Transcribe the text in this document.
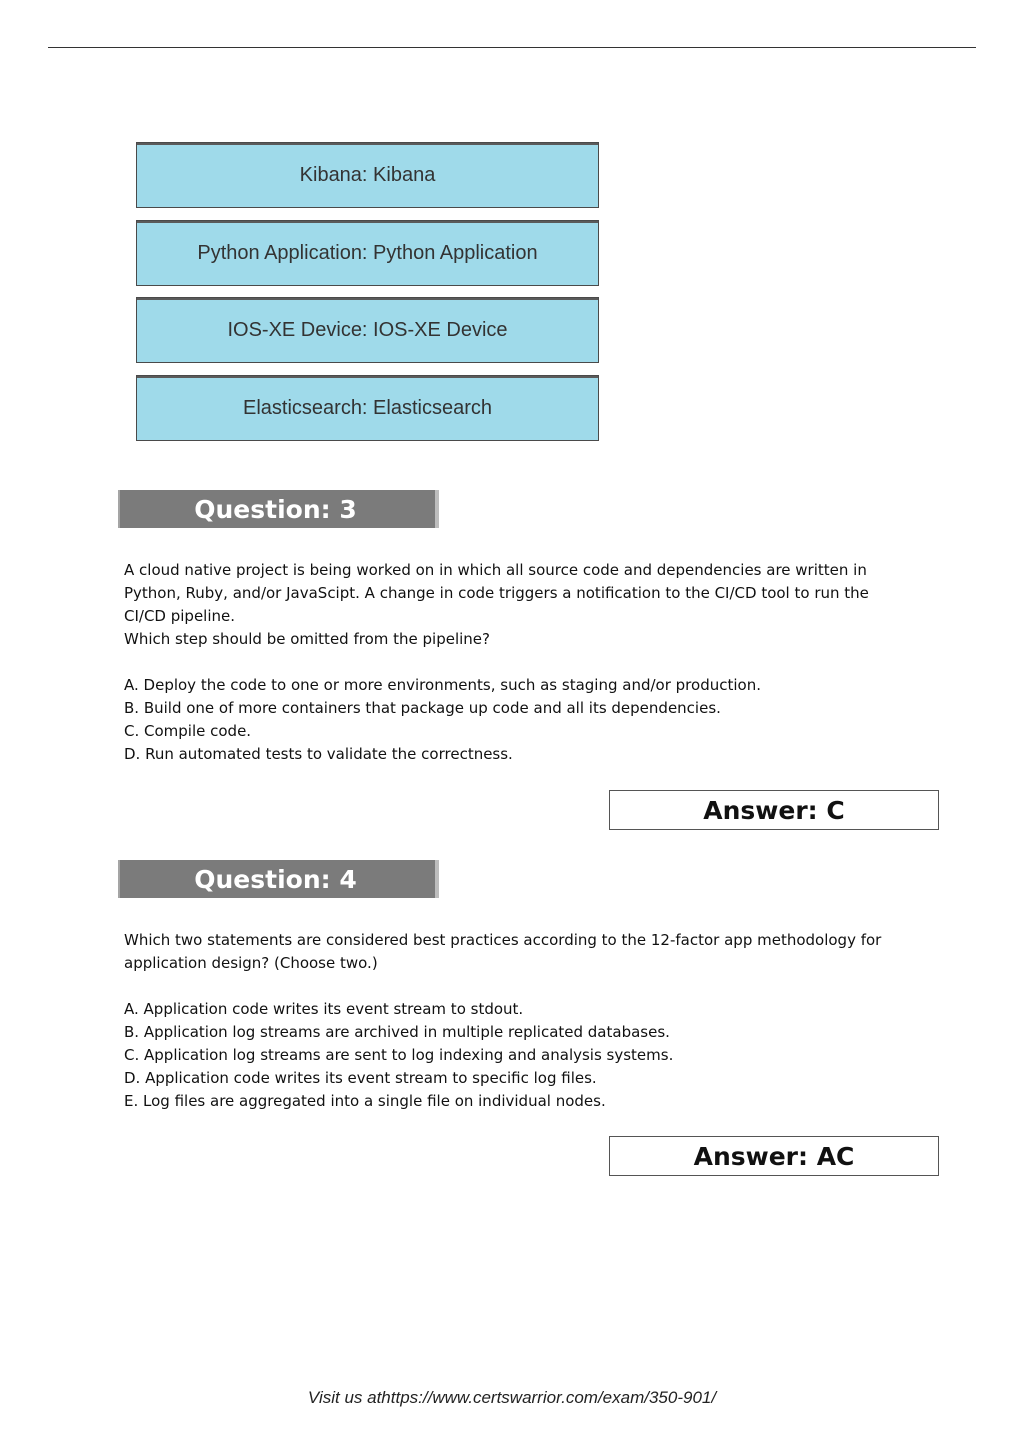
Kibana: Kibana
Python Application: Python Application
IOS-XE Device: IOS-XE Device
Elasticsearch: Elasticsearch
Question: 3

A cloud native project is being worked on in which all source code and dependencies are written in

Python, Ruby, and/or JavaScipt. A change in code triggers a notification to the CI/CD tool to run the

CI/CD pipeline.

Which step should be omitted from the pipeline?

A. Deploy the code to one or more environments, such as staging and/or production.

B. Build one of more containers that package up code and all its dependencies.

C. Compile code.

D. Run automated tests to validate the correctness.

Answer: C
Question: 4

Which two statements are considered best practices according to the 12-factor app methodology for

application design? (Choose two.)

A. Application code writes its event stream to stdout.

B. Application log streams are archived in multiple replicated databases.

C. Application log streams are sent to log indexing and analysis systems.

D. Application code writes its event stream to specific log files.

E. Log files are aggregated into a single file on individual nodes.

Answer: AC
Visit us athttps://www.certswarrior.com/exam/350-901/
